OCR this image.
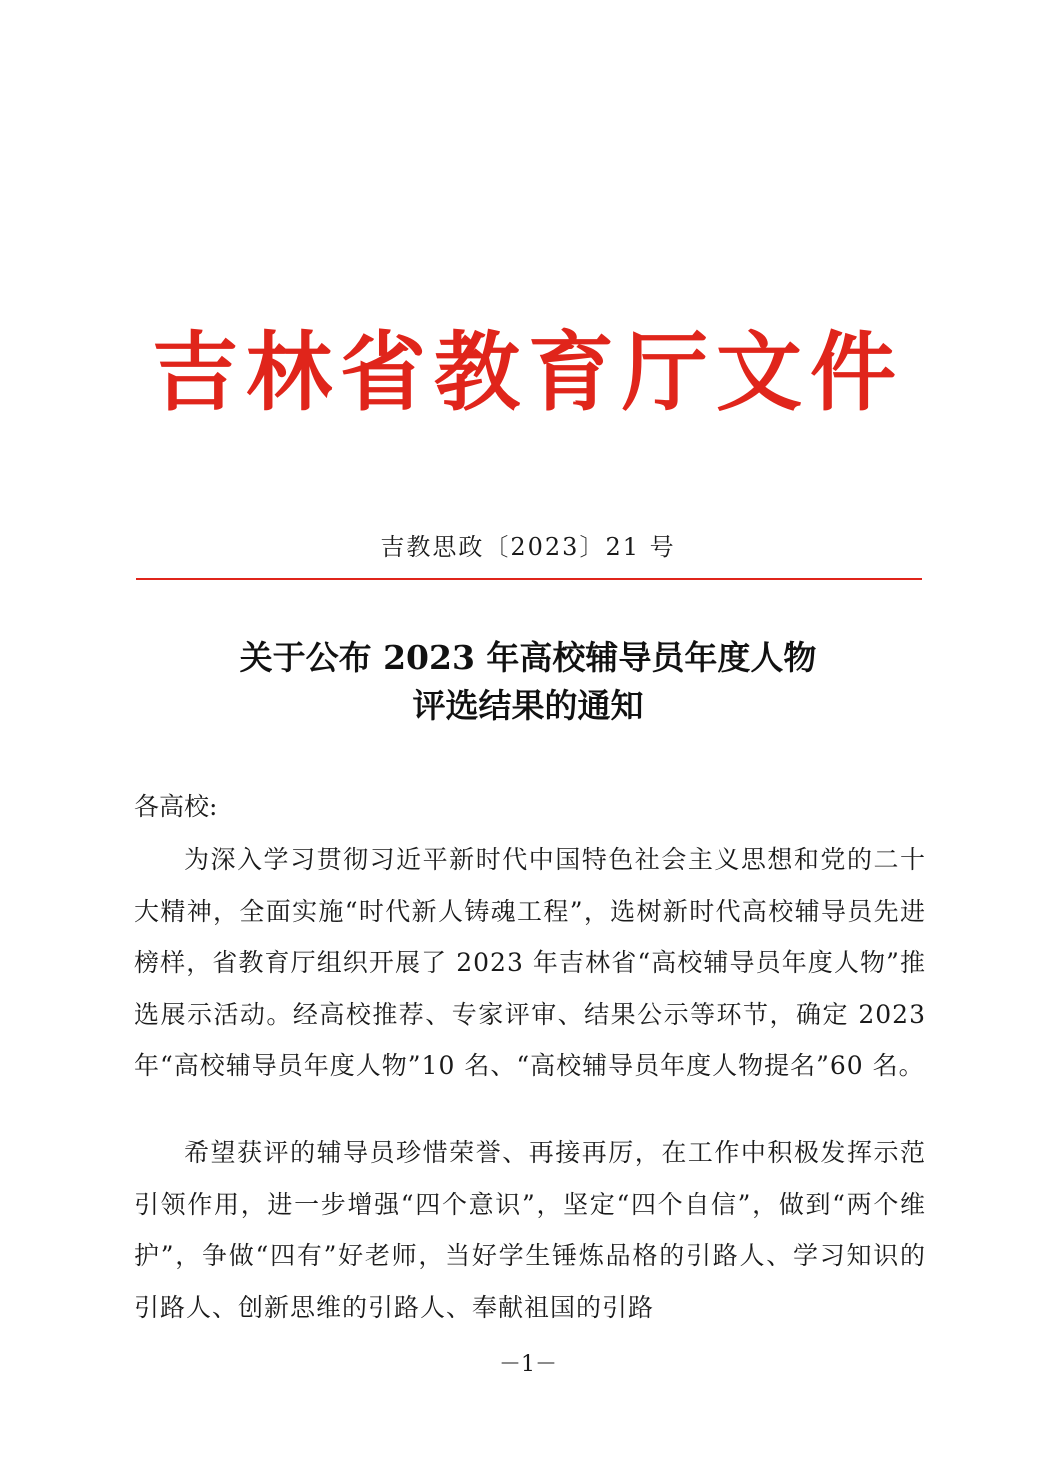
吉林省教育厅文件
吉教思政〔2023〕21 号
关于公布 2023 年高校辅导员年度人物
评选结果的通知
各高校:

为深入学习贯彻习近平新时代中国特色社会主义思想和党的二十大精神，全面实施“时代新人铸魂工程”，选树新时代高校辅导员先进榜样，省教育厅组织开展了 2023 年吉林省“高校辅导员年度人物”推选展示活动。经高校推荐、专家评审、结果公示等环节，确定 2023 年“高校辅导员年度人物”10 名、“高校辅导员年度人物提名”60 名。

希望获评的辅导员珍惜荣誉、再接再厉，在工作中积极发挥示范引领作用，进一步增强“四个意识”，坚定“四个自信”，做到“两个维护”，争做“四有”好老师，当好学生锤炼品格的引路人、学习知识的引路人、创新思维的引路人、奉献祖国的引路

－1－
